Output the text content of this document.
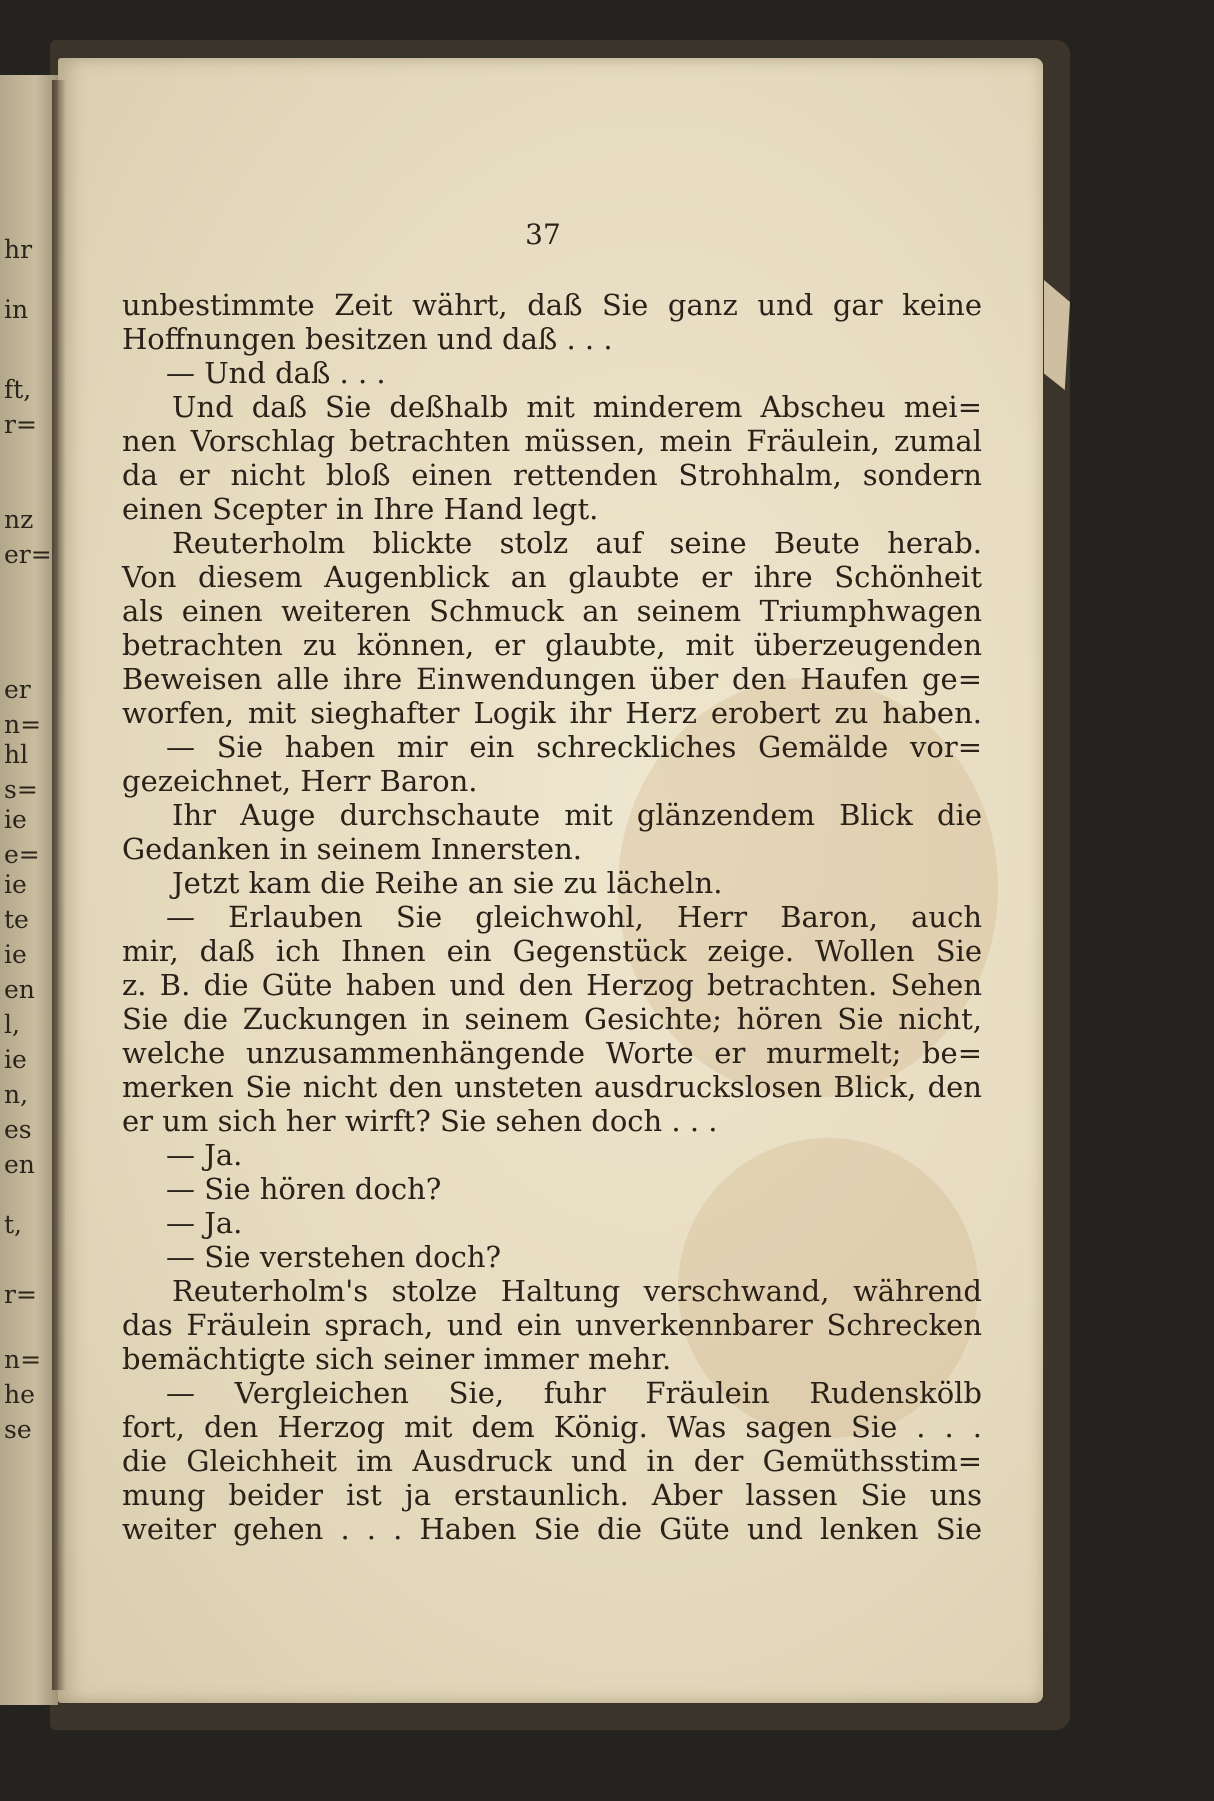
hr
in
ft,
r=
nz
er=
er
n=
hl
s=
ie
e=
ie
te
ie
en
l,
ie
n,
es
en
t,
r=
n=
he
se
37
unbestimmte Zeit währt, daß Sie ganz und gar keine
Hoffnungen besitzen und daß . . .
— Und daß . . .
Und daß Sie deßhalb mit minderem Abscheu mei=
nen Vorschlag betrachten müssen, mein Fräulein, zumal
da er nicht bloß einen rettenden Strohhalm, sondern
einen Scepter in Ihre Hand legt.
Reuterholm blickte stolz auf seine Beute herab.
Von diesem Augenblick an glaubte er ihre Schönheit
als einen weiteren Schmuck an seinem Triumphwagen
betrachten zu können, er glaubte, mit überzeugenden
Beweisen alle ihre Einwendungen über den Haufen ge=
worfen, mit sieghafter Logik ihr Herz erobert zu haben.
— Sie haben mir ein schreckliches Gemälde vor=
gezeichnet, Herr Baron.
Ihr Auge durchschaute mit glänzendem Blick die
Gedanken in seinem Innersten.
Jetzt kam die Reihe an sie zu lächeln.
— Erlauben Sie gleichwohl, Herr Baron, auch
mir, daß ich Ihnen ein Gegenstück zeige. Wollen Sie
z. B. die Güte haben und den Herzog betrachten. Sehen
Sie die Zuckungen in seinem Gesichte; hören Sie nicht,
welche unzusammenhängende Worte er murmelt; be=
merken Sie nicht den unsteten ausdruckslosen Blick, den
er um sich her wirft? Sie sehen doch . . .
— Ja.
— Sie hören doch?
— Ja.
— Sie verstehen doch?
Reuterholm's stolze Haltung verschwand, während
das Fräulein sprach, und ein unverkennbarer Schrecken
bemächtigte sich seiner immer mehr.
— Vergleichen Sie, fuhr Fräulein Rudenskölb
fort, den Herzog mit dem König. Was sagen Sie . . .
die Gleichheit im Ausdruck und in der Gemüthsstim=
mung beider ist ja erstaunlich. Aber lassen Sie uns
weiter gehen . . . Haben Sie die Güte und lenken Sie
